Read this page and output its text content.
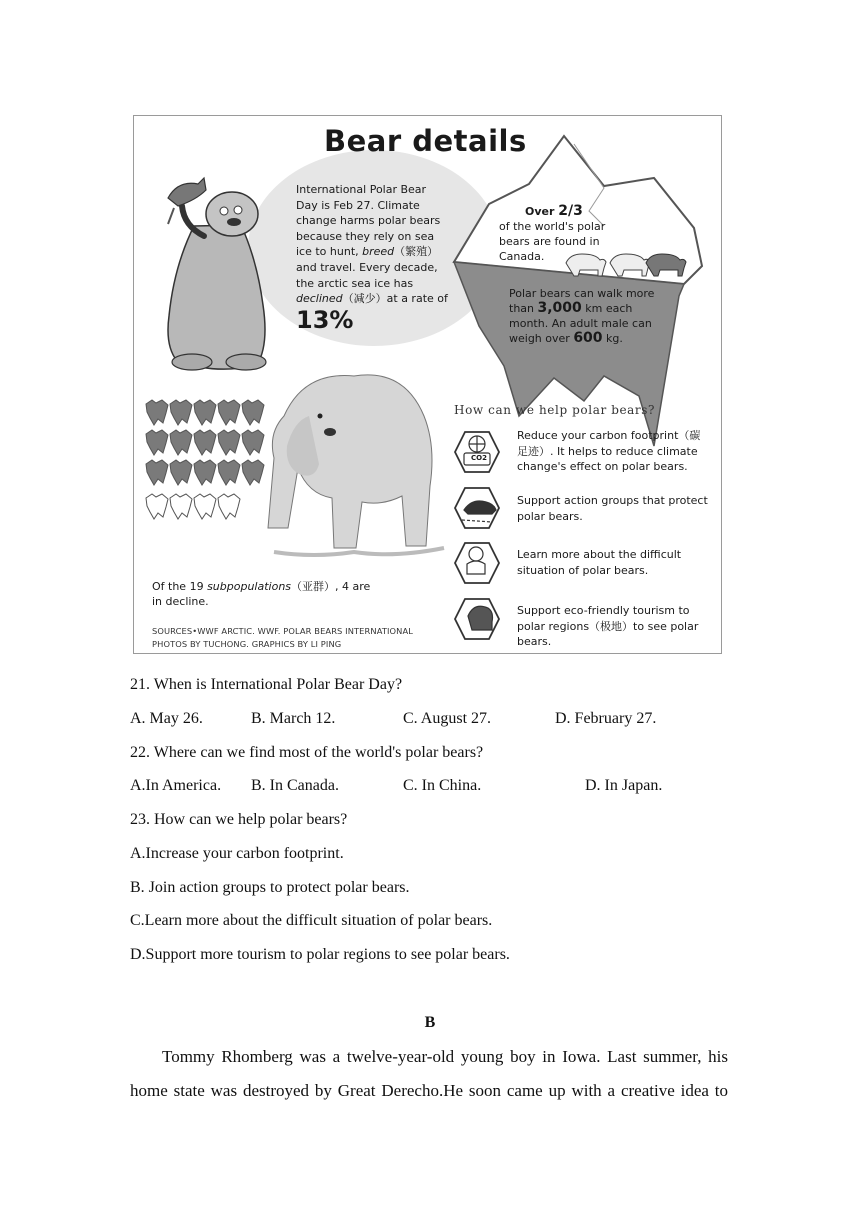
Bear details
International Polar Bear
Day is Feb 27. Climate
change harms polar bears
because they rely on sea
ice to hunt, breed（繁殖）
and travel. Every decade,
the arctic sea ice has
declined（减少）at a rate of
13%
Over 2/3
of the world's polar
bears are found in
Canada.
Polar bears can walk more
than 3,000 km each
month. An adult male can
weigh over 600 kg.
How can we help polar bears?
Reduce your carbon footprint（碳
足迹）. It helps to reduce climate
change's effect on polar bears.
Support action groups that protect
polar bears.
Learn more about the difficult
situation of polar bears.
Support eco-friendly tourism to
polar regions（极地）to see polar
bears.
CO2
Of the 19 subpopulations（亚群）, 4 are
in decline.
SOURCES•WWF ARCTIC. WWF. POLAR BEARS INTERNATIONAL
PHOTOS BY TUCHONG. GRAPHICS BY LI PING
21. When is International Polar Bear Day?
A. May 26.	B. March 12.	C. August 27.	D. February 27.
22. Where can we find most of the world's polar bears?
A.In America. B. In Canada.	C. In China.	D. In Japan.
23. How can we help polar bears?
A.Increase your carbon footprint.
B. Join action groups to protect polar bears.
C.Learn more about the difficult situation of polar bears.
D.Support more tourism to polar regions to see polar bears.
B
Tommy Rhomberg was a twelve-year-old young boy in Iowa. Last summer, his
home state was destroyed by Great Derecho.He soon came up with a creative idea to
